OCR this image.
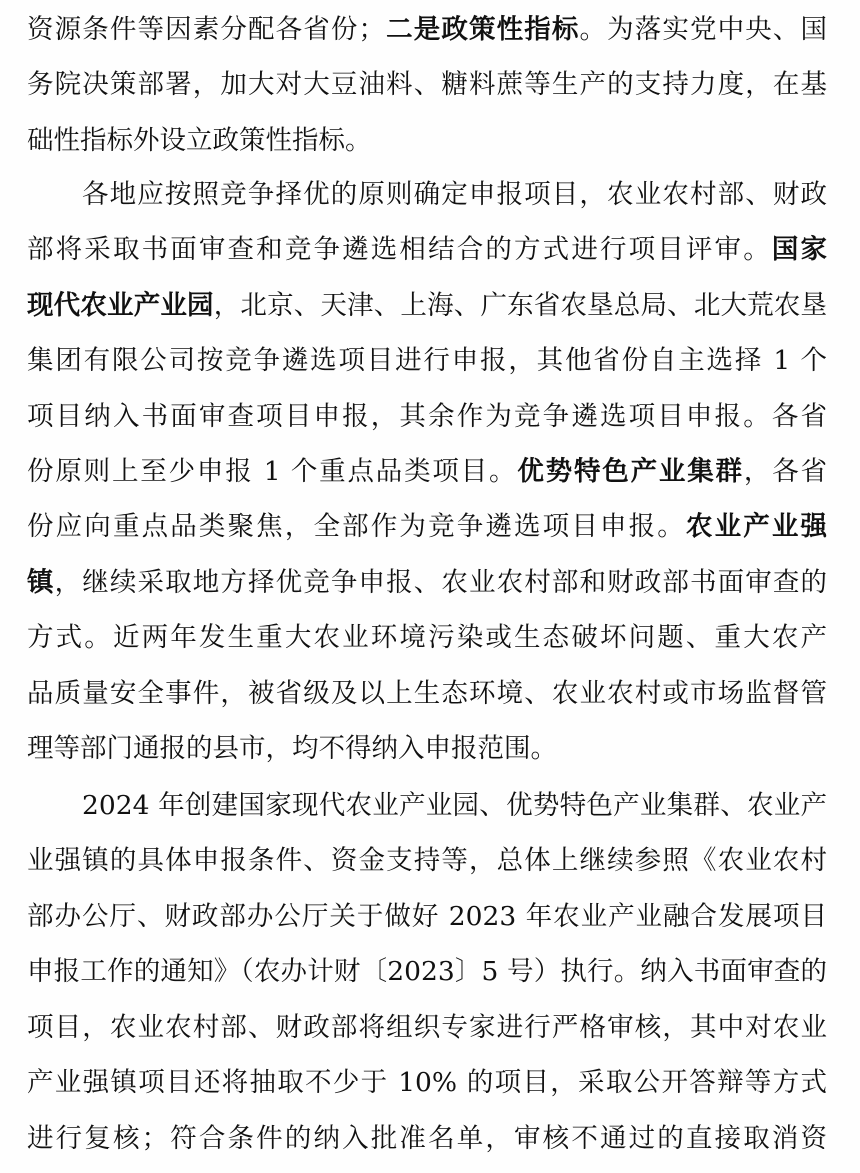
资源条件等因素分配各省份；二是政策性指标。为落实党中央、国
务院决策部署，加大对大豆油料、糖料蔗等生产的支持力度，在基
础性指标外设立政策性指标。
各地应按照竞争择优的原则确定申报项目，农业农村部、财政
部将采取书面审查和竞争遴选相结合的方式进行项目评审。国家
现代农业产业园，北京、天津、上海、广东省农垦总局、北大荒农垦
集团有限公司按竞争遴选项目进行申报，其他省份自主选择 1 个
项目纳入书面审查项目申报，其余作为竞争遴选项目申报。各省
份原则上至少申报 1 个重点品类项目。优势特色产业集群，各省
份应向重点品类聚焦，全部作为竞争遴选项目申报。农业产业强
镇，继续采取地方择优竞争申报、农业农村部和财政部书面审查的
方式。近两年发生重大农业环境污染或生态破坏问题、重大农产
品质量安全事件，被省级及以上生态环境、农业农村或市场监督管
理等部门通报的县市，均不得纳入申报范围。
2024 年创建国家现代农业产业园、优势特色产业集群、农业产
业强镇的具体申报条件、资金支持等，总体上继续参照《农业农村
部办公厅、财政部办公厅关于做好 2023 年农业产业融合发展项目
申报工作的通知》（农办计财〔2023〕5 号）执行。纳入书面审查的
项目，农业农村部、财政部将组织专家进行严格审核，其中对农业
产业强镇项目还将抽取不少于 10% 的项目，采取公开答辩等方式
进行复核；符合条件的纳入批准名单，审核不通过的直接取消资
